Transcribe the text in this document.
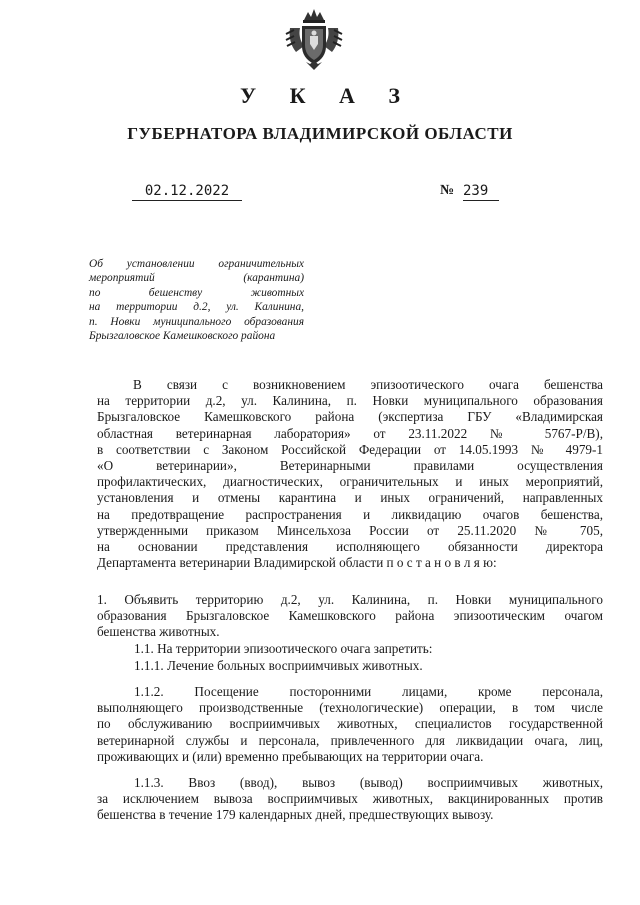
У К А З
ГУБЕРНАТОРА ВЛАДИМИРСКОЙ ОБЛАСТИ
02.12.2022	№ 239
Об установлении ограничительных
мероприятий (карантина)
по бешенству животных
на территории д.2, ул. Калинина,
п. Новки муниципального образования
Брызгаловское Камешковского района
В связи с возникновением эпизоотического очага бешенства
на территории д.2, ул. Калинина, п. Новки муниципального образования
Брызгаловское Камешковского района (экспертиза ГБУ «Владимирская
областная ветеринарная лаборатория» от 23.11.2022 № 5767-Р/В),
в соответствии с Законом Российской Федерации от 14.05.1993 № 4979-1
«О ветеринарии», Ветеринарными правилами осуществления
профилактических, диагностических, ограничительных и иных мероприятий,
установления и отмены карантина и иных ограничений, направленных
на предотвращение распространения и ликвидацию очагов бешенства,
утвержденными приказом Минсельхоза России от 25.11.2020 № 705,
на основании представления исполняющего обязанности директора
Департамента ветеринарии Владимирской области п о с т а н о в л я ю:
1. Объявить территорию д.2, ул. Калинина, п. Новки муниципального
образования Брызгаловское Камешковского района эпизоотическим очагом
бешенства животных.
1.1. На территории эпизоотического очага запретить:
1.1.1. Лечение больных восприимчивых животных.
1.1.2. Посещение посторонними лицами, кроме персонала,
выполняющего производственные (технологические) операции, в том числе
по обслуживанию восприимчивых животных, специалистов государственной
ветеринарной службы и персонала, привлеченного для ликвидации очага, лиц,
проживающих и (или) временно пребывающих на территории очага.
1.1.3. Ввоз (ввод), вывоз (вывод) восприимчивых животных,
за исключением вывоза восприимчивых животных, вакцинированных против
бешенства в течение 179 календарных дней, предшествующих вывозу.
